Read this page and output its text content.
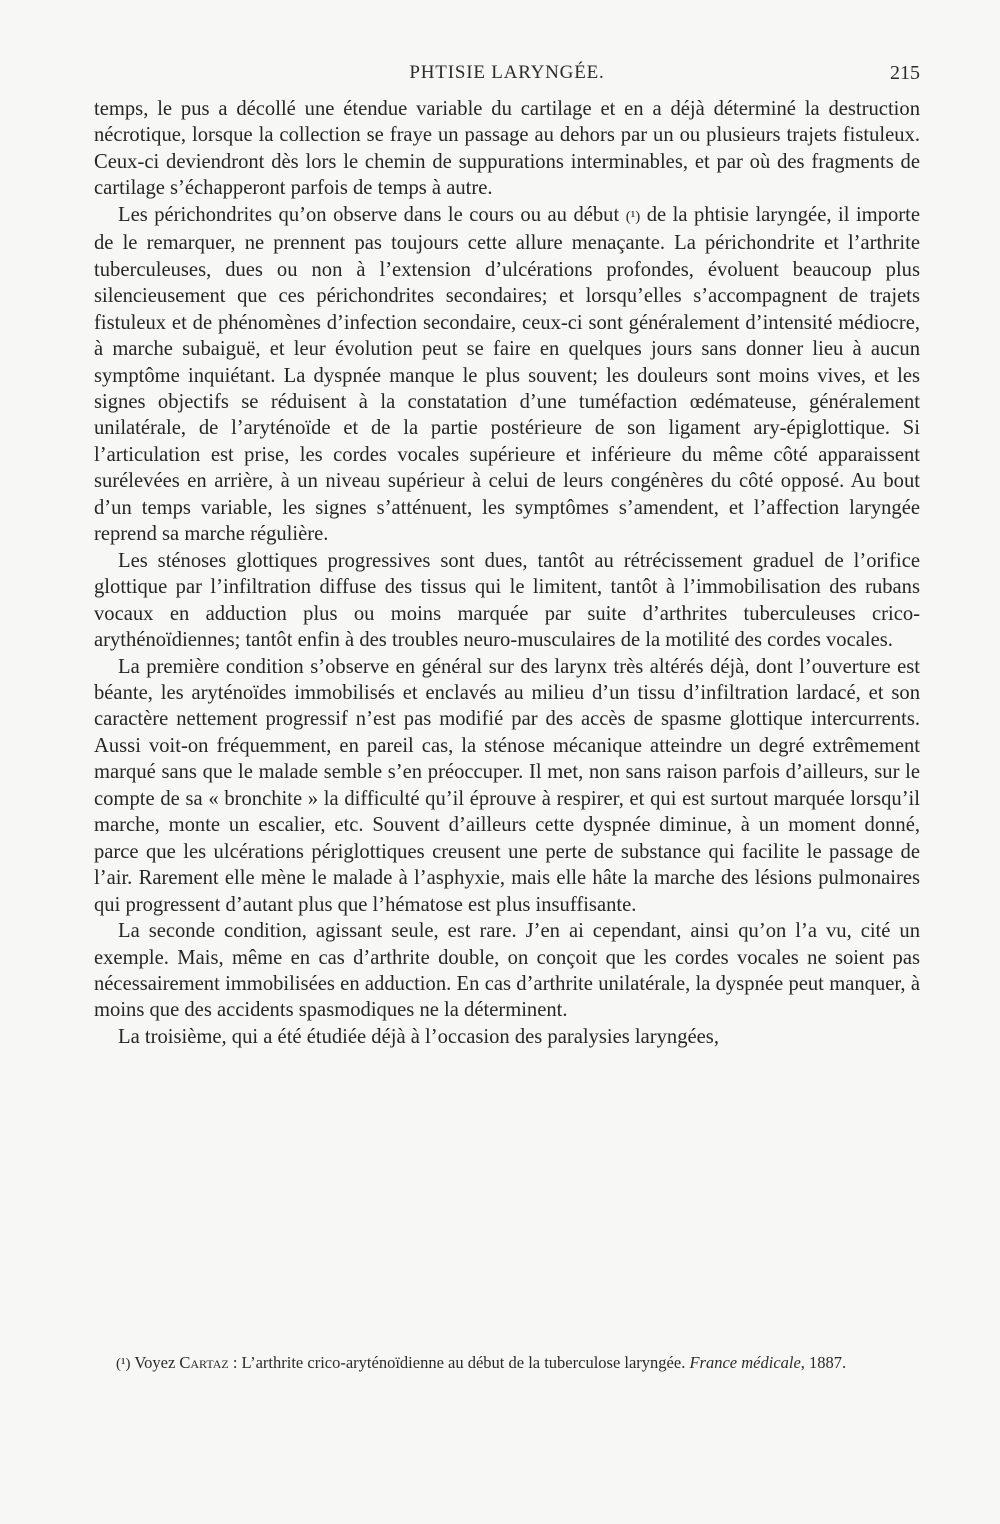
PHTISIE LARYNGÉE.	215

temps, le pus a décollé une étendue variable du cartilage et en a déjà déterminé la destruction nécrotique, lorsque la collection se fraye un passage au dehors par un ou plusieurs trajets fistuleux. Ceux-ci deviendront dès lors le chemin de suppurations interminables, et par où des fragments de cartilage s’échapperont parfois de temps à autre.

Les périchondrites qu’on observe dans le cours ou au début (¹) de la phtisie laryngée, il importe de le remarquer, ne prennent pas toujours cette allure menaçante. La périchondrite et l’arthrite tuberculeuses, dues ou non à l’extension d’ulcérations profondes, évoluent beaucoup plus silencieusement que ces périchondrites secondaires; et lorsqu’elles s’accompagnent de trajets fistuleux et de phénomènes d’infection secondaire, ceux-ci sont généralement d’intensité médiocre, à marche subaiguë, et leur évolution peut se faire en quelques jours sans donner lieu à aucun symptôme inquiétant. La dyspnée manque le plus souvent; les douleurs sont moins vives, et les signes objectifs se réduisent à la constatation d’une tuméfaction œdémateuse, généralement unilatérale, de l’aryténoïde et de la partie postérieure de son ligament ary-épiglottique. Si l’articulation est prise, les cordes vocales supérieure et inférieure du même côté apparaissent surélevées en arrière, à un niveau supérieur à celui de leurs congénères du côté opposé. Au bout d’un temps variable, les signes s’atténuent, les symptômes s’amendent, et l’affection laryngée reprend sa marche régulière.

Les sténoses glottiques progressives sont dues, tantôt au rétrécissement graduel de l’orifice glottique par l’infiltration diffuse des tissus qui le limitent, tantôt à l’immobilisation des rubans vocaux en adduction plus ou moins marquée par suite d’arthrites tuberculeuses crico-arythénoïdiennes; tantôt enfin à des troubles neuro-musculaires de la motilité des cordes vocales.

La première condition s’observe en général sur des larynx très altérés déjà, dont l’ouverture est béante, les aryténoïdes immobilisés et enclavés au milieu d’un tissu d’infiltration lardacé, et son caractère nettement progressif n’est pas modifié par des accès de spasme glottique intercurrents. Aussi voit-on fréquemment, en pareil cas, la sténose mécanique atteindre un degré extrêmement marqué sans que le malade semble s’en préoccuper. Il met, non sans raison parfois d’ailleurs, sur le compte de sa « bronchite » la difficulté qu’il éprouve à respirer, et qui est surtout marquée lorsqu’il marche, monte un escalier, etc. Souvent d’ailleurs cette dyspnée diminue, à un moment donné, parce que les ulcérations périglottiques creusent une perte de substance qui facilite le passage de l’air. Rarement elle mène le malade à l’asphyxie, mais elle hâte la marche des lésions pulmonaires qui progressent d’autant plus que l’hématose est plus insuffisante.

La seconde condition, agissant seule, est rare. J’en ai cependant, ainsi qu’on l’a vu, cité un exemple. Mais, même en cas d’arthrite double, on conçoit que les cordes vocales ne soient pas nécessairement immobilisées en adduction. En cas d’arthrite unilatérale, la dyspnée peut manquer, à moins que des accidents spasmodiques ne la déterminent.

La troisième, qui a été étudiée déjà à l’occasion des paralysies laryngées,

(¹) Voyez Cartaz : L’arthrite crico-aryténoïdienne au début de la tuberculose laryngée. France médicale, 1887.
